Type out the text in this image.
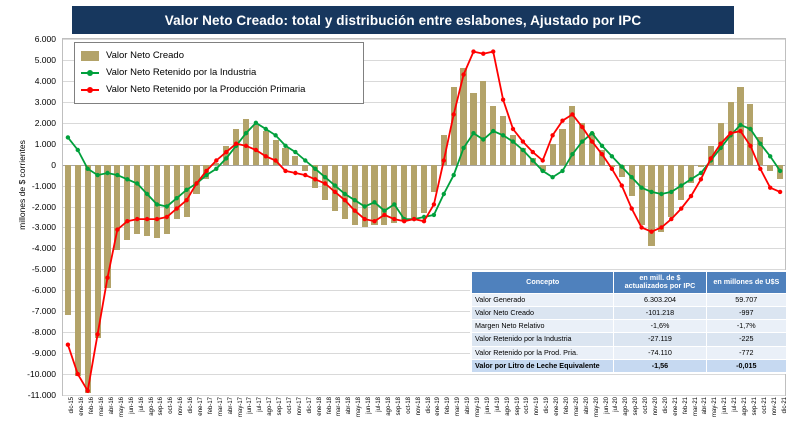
Valor Neto Creado: total y distribución entre eslabones, Ajustado por IPC
millones de $ corrientes
6.000
5.000
4.000
3.000
2.000
1.000
0
-1.000
-2.000
-3.000
-4.000
-5.000
-6.000
-7.000
-8.000
-9.000
-10.000
-11.000
dic-15 ene-16 feb-16 mar-16 abr-16 may-16 jun-16 jul-16 ago-16 sep-16 oct-16 nov-16 dic-16 ene-17 feb-17 mar-17 abr-17 may-17 jun-17 jul-17 ago-17 sep-17 oct-17 nov-17 dic-17 ene-18 feb-18 mar-18 abr-18 may-18 jun-18 jul-18 ago-18 sep-18 oct-18 nov-18 dic-18 ene-19 feb-19 mar-19 abr-19 may-19 jun-19 jul-19 ago-19 sep-19 oct-19 nov-19 dic-19 ene-20 feb-20 mar-20 abr-20 may-20 jun-20 jul-20 ago-20 sep-20 oct-20 nov-20 dic-20 ene-21 feb-21 mar-21 abr-21 may-21 jun-21 jul-21 ago-21 sep-21 oct-21 nov-21 dic-21
Valor Neto Creado
Valor Neto Retenido por la Industria
Valor Neto Retenido por la Producción Primaria
Concepto	en mill. de $ actualizados por IPC	en millones de U$S
Valor Generado	6.303.204	59.707
Valor Neto Creado	-101.218	-997
Margen Neto Relativo	-1,6%	-1,7%
Valor Retenido por la Industria	-27.119	-225
Valor Retenido por la Prod. Pria.	-74.110	-772
Valor por Litro de Leche Equivalente	-1,56	-0,015
